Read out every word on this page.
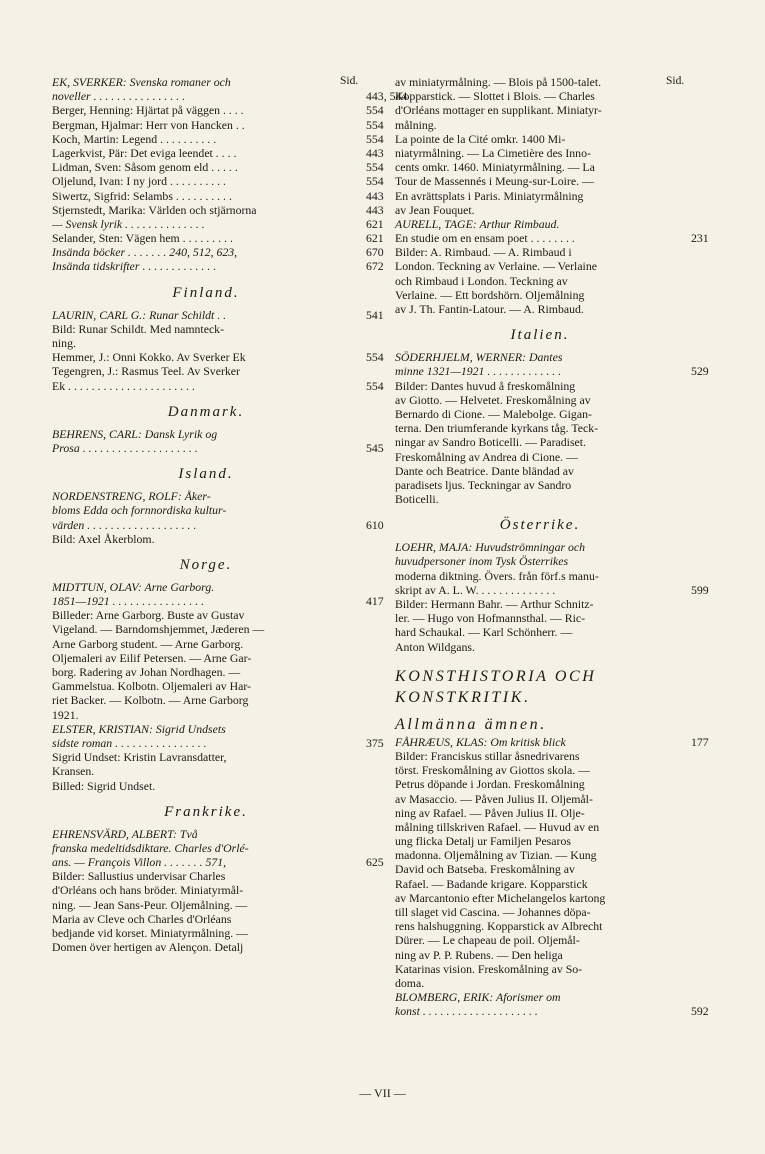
Sid.	Sid.
EK, SVERKER: Svenska romaner och
noveller . . . . . . . . . . . . . . . .	443, 544
Berger, Henning: Hjärtat på väggen . . . .	554
Bergman, Hjalmar: Herr von Hancken . .	554
Koch, Martin: Legend . . . . . . . . . .	554
Lagerkvist, Pär: Det eviga leendet . . . .	443
Lidman, Sven: Såsom genom eld . . . . .	554
Oljelund, Ivan: I ny jord . . . . . . . . . .	554
Siwertz, Sigfrid: Selambs . . . . . . . . . .	443
Stjernstedt, Marika: Världen och stjärnorna	443
— Svensk lyrik . . . . . . . . . . . . . .	621
Selander, Sten: Vägen hem . . . . . . . . .	621
Insända böcker . . . . . . . 240, 512, 623,	670
Insända tidskrifter . . . . . . . . . . . . .	672
Finland.
LAURIN, CARL G.: Runar Schildt . .	541
Bild: Runar Schildt. Med namnteck-
ning.
Hemmer, J.: Onni Kokko. Av Sverker Ek	554
Tegengren, J.: Rasmus Teel. Av Sverker
Ek . . . . . . . . . . . . . . . . . . . . . .	554
Danmark.
BEHRENS, CARL: Dansk Lyrik og
Prosa . . . . . . . . . . . . . . . . . . . .	545
Island.
NORDENSTRENG, ROLF: Åker-
bloms Edda och fornnordiska kultur-
värden . . . . . . . . . . . . . . . . . . .	610
Bild: Axel Åkerblom.
Norge.
MIDTTUN, OLAV: Arne Garborg.
1851—1921 . . . . . . . . . . . . . . . .	417
Billeder: Arne Garborg. Buste av Gustav
Vigeland. — Barndomshjemmet, Jæderen —
Arne Garborg student. — Arne Garborg.
Oljemaleri av Eilif Petersen. — Arne Gar-
borg. Radering av Johan Nordhagen. —
Gammelstua. Kolbotn. Oljemaleri av Har-
riet Backer. — Kolbotn. — Arne Garborg
1921.
ELSTER, KRISTIAN: Sigrid Undsets
sidste roman . . . . . . . . . . . . . . . .	375
Sigrid Undset: Kristin Lavransdatter,
Kransen.
Billed: Sigrid Undset.
Frankrike.
EHRENSVÄRD, ALBERT: Två
franska medeltidsdiktare. Charles d'Orlé-
ans. — François Villon . . . . . . . 571,	625
Bilder: Sallustius undervisar Charles
d'Orléans och hans bröder. Miniatyrmål-
ning. — Jean Sans-Peur. Oljemålning. —
Maria av Cleve och Charles d'Orléans
bedjande vid korset. Miniatyrmålning. —
Domen över hertigen av Alençon. Detalj
av miniatyrmålning. — Blois på 1500-talet.
Kopparstick. — Slottet i Blois. — Charles
d'Orléans mottager en supplikant. Miniatyr-
målning.
La pointe de la Cité omkr. 1400 Mi-
niatyrmålning. — La Cimetière des Inno-
cents omkr. 1460. Miniatyrmålning. — La
Tour de Massennés i Meung-sur-Loire. —
En avrättsplats i Paris. Miniatyrmålning
av Jean Fouquet.
AURELL, TAGE: Arthur Rimbaud.
En studie om en ensam poet . . . . . . . .	231
Bilder: A. Rimbaud. — A. Rimbaud i
London. Teckning av Verlaine. — Verlaine
och Rimbaud i London. Teckning av
Verlaine. — Ett bordshörn. Oljemålning
av J. Th. Fantin-Latour. — A. Rimbaud.
Italien.
SÖDERHJELM, WERNER: Dantes
minne 1321—1921 . . . . . . . . . . . . .	529
Bilder: Dantes huvud å freskomålning
av Giotto. — Helvetet. Freskomålning av
Bernardo di Cione. — Malebolge. Gigan-
terna. Den triumferande kyrkans tåg. Teck-
ningar av Sandro Boticelli. — Paradiset.
Freskomålning av Andrea di Cione. —
Dante och Beatrice. Dante bländad av
paradisets ljus. Teckningar av Sandro
Boticelli.
Österrike.
LOEHR, MAJA: Huvudströmningar och
huvudpersoner inom Tysk Österrikes
moderna diktning. Övers. från förf.s manu-
skript av A. L. W. . . . . . . . . . . . . .	599
Bilder: Hermann Bahr. — Arthur Schnitz-
ler. — Hugo von Hofmannsthal. — Ric-
hard Schaukal. — Karl Schönherr. —
Anton Wildgans.
KONSTHISTORIA OCH
KONSTKRITIK.
Allmänna ämnen.
FÅHRÆUS, KLAS: Om kritisk blick	177
Bilder: Franciskus stillar åsnedrivarens
törst. Freskomålning av Giottos skola. —
Petrus döpande i Jordan. Freskomålning
av Masaccio. — Påven Julius II. Oljemål-
ning av Rafael. — Påven Julius II. Olje-
målning tillskriven Rafael. — Huvud av en
ung flicka Detalj ur Familjen Pesaros
madonna. Oljemålning av Tizian. — Kung
David och Batseba. Freskomålning av
Rafael. — Badande krigare. Kopparstick
av Marcantonio efter Michelangelos kartong
till slaget vid Cascina. — Johannes döpa-
rens halshuggning. Kopparstick av Albrecht
Dürer. — Le chapeau de poil. Oljemål-
ning av P. P. Rubens. — Den heliga
Katarinas vision. Freskomålning av So-
doma.
BLOMBERG, ERIK: Aforismer om
konst . . . . . . . . . . . . . . . . . . . .	592
— VII —
